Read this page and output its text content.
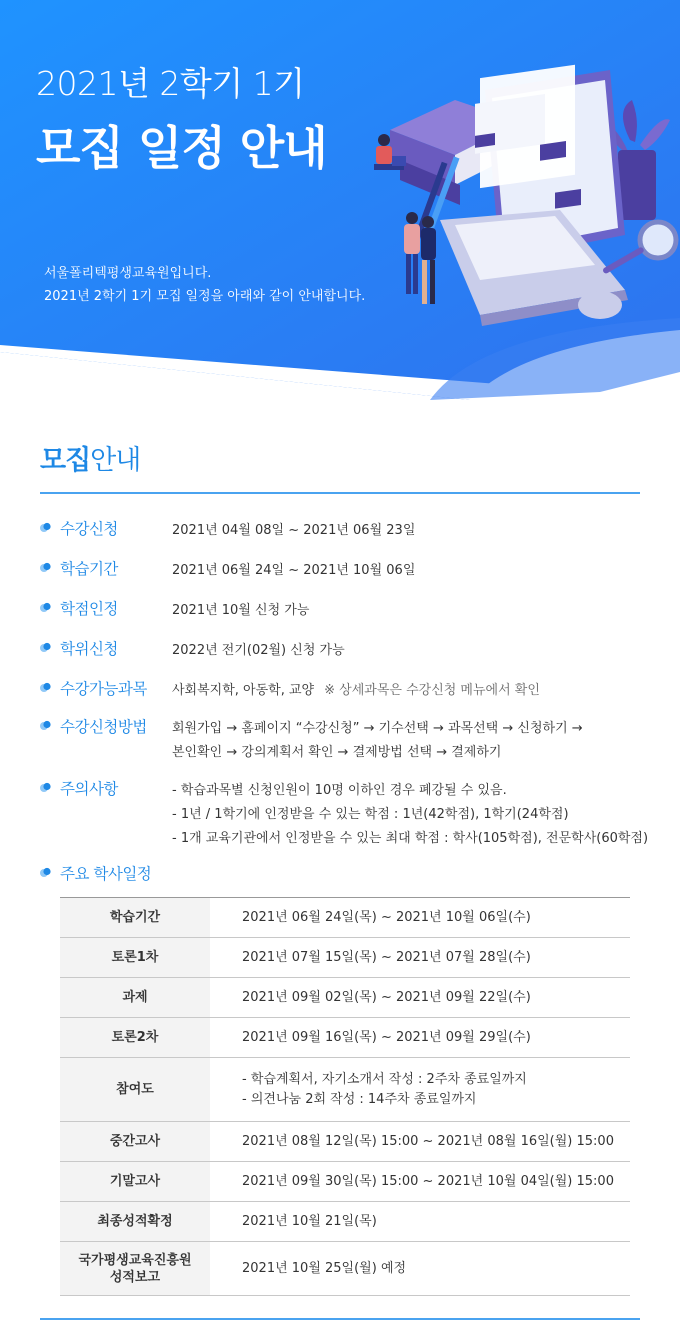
2021년 2학기 1기
모집 일정 안내
서울폴리텍평생교육원입니다.
2021년 2학기 1기 모집 일정을 아래와 같이 안내합니다.
모집안내
수강신청	2021년 04월 08일 ~ 2021년 06월 23일
학습기간	2021년 06월 24일 ~ 2021년 10월 06일
학점인정	2021년 10월 신청 가능
학위신청	2022년 전기(02월) 신청 가능
수강가능과목 사회복지학, 아동학, 교양 ※ 상세과목은 수강신청 메뉴에서 확인
수강신청방법 회원가입 → 홈페이지 “수강신청” → 기수선택 → 과목선택 → 신청하기 →
본인확인 → 강의계획서 확인 → 결제방법 선택 → 결제하기
주의사항	- 학습과목별 신청인원이 10명 이하인 경우 폐강될 수 있음.
- 1년 / 1학기에 인정받을 수 있는 학점 : 1년(42학점), 1학기(24학점)
- 1개 교육기관에서 인정받을 수 있는 최대 학점 : 학사(105학점), 전문학사(60학점)
주요 학사일정
학습기간	2021년 06월 24일(목) ~ 2021년 10월 06일(수)
토론1차	2021년 07월 15일(목) ~ 2021년 07월 28일(수)
과제	2021년 09월 02일(목) ~ 2021년 09월 22일(수)
토론2차	2021년 09월 16일(목) ~ 2021년 09월 29일(수)
참여도	- 학습계획서, 자기소개서 작성 : 2주차 종료일까지
- 의견나눔 2회 작성 : 14주차 종료일까지

중간고사	2021년 08월 12일(목) 15:00 ~ 2021년 08월 16일(월) 15:00
기말고사	2021년 09월 30일(목) 15:00 ~ 2021년 10월 04일(월) 15:00
최종성적확정	2021년 10월 21일(목)

국가평생교육진흥원
성적보고	2021년 10월 25일(월) 예정
